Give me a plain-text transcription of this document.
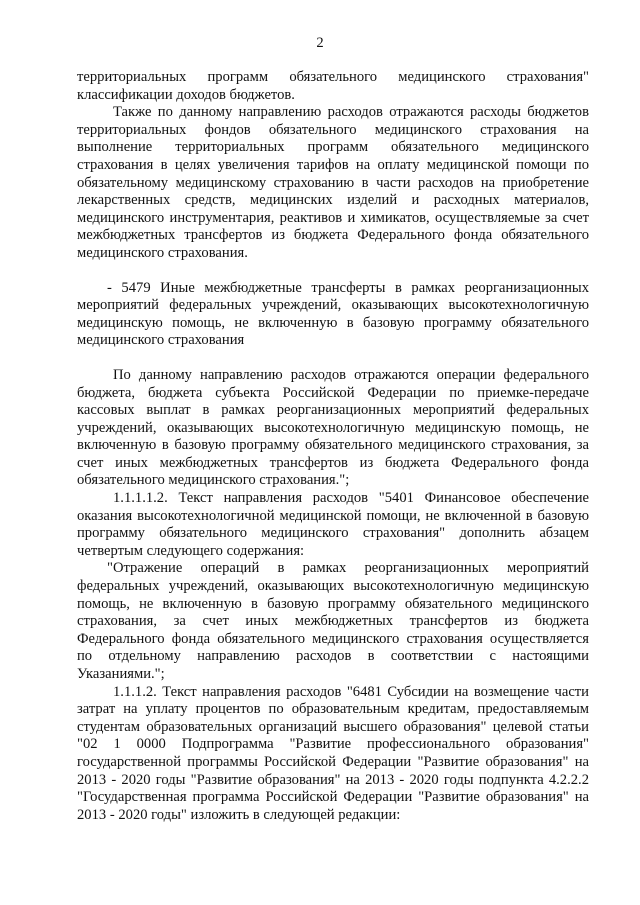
2

территориальных программ обязательного медицинского страхования" классификации доходов бюджетов.

Также по данному направлению расходов отражаются расходы бюджетов территориальных фондов обязательного медицинского страхования на выполнение территориальных программ обязательного медицинского страхования в целях увеличения тарифов на оплату медицинской помощи по обязательному медицинскому страхованию в части расходов на приобретение лекарственных средств, медицинских изделий и расходных материалов, медицинского инструментария, реактивов и химикатов, осуществляемые за счет межбюджетных трансфертов из бюджета Федерального фонда обязательного медицинского страхования.

- 5479 Иные межбюджетные трансферты в рамках реорганизационных мероприятий федеральных учреждений, оказывающих высокотехнологичную медицинскую помощь, не включенную в базовую программу обязательного медицинского страхования

По данному направлению расходов отражаются операции федерального бюджета, бюджета субъекта Российской Федерации по приемке-передаче кассовых выплат в рамках реорганизационных мероприятий федеральных учреждений, оказывающих высокотехнологичную медицинскую помощь, не включенную в базовую программу обязательного медицинского страхования, за счет иных межбюджетных трансфертов из бюджета Федерального фонда обязательного медицинского страхования.";

1.1.1.1.2. Текст направления расходов "5401 Финансовое обеспечение оказания высокотехнологичной медицинской помощи, не включенной в базовую программу обязательного медицинского страхования" дополнить абзацем четвертым следующего содержания:

"Отражение операций в рамках реорганизационных мероприятий федеральных учреждений, оказывающих высокотехнологичную медицинскую помощь, не включенную в базовую программу обязательного медицинского страхования, за счет иных межбюджетных трансфертов из бюджета Федерального фонда обязательного медицинского страхования осуществляется по отдельному направлению расходов в соответствии с настоящими Указаниями.";

1.1.1.2. Текст направления расходов "6481 Субсидии на возмещение части затрат на уплату процентов по образовательным кредитам, предоставляемым студентам образовательных организаций высшего образования" целевой статьи "02 1 0000 Подпрограмма "Развитие профессионального образования" государственной программы Российской Федерации "Развитие образования" на 2013 - 2020 годы "Развитие образования" на 2013 - 2020 годы подпункта 4.2.2.2 "Государственная программа Российской Федерации "Развитие образования" на 2013 - 2020 годы" изложить в следующей редакции:
